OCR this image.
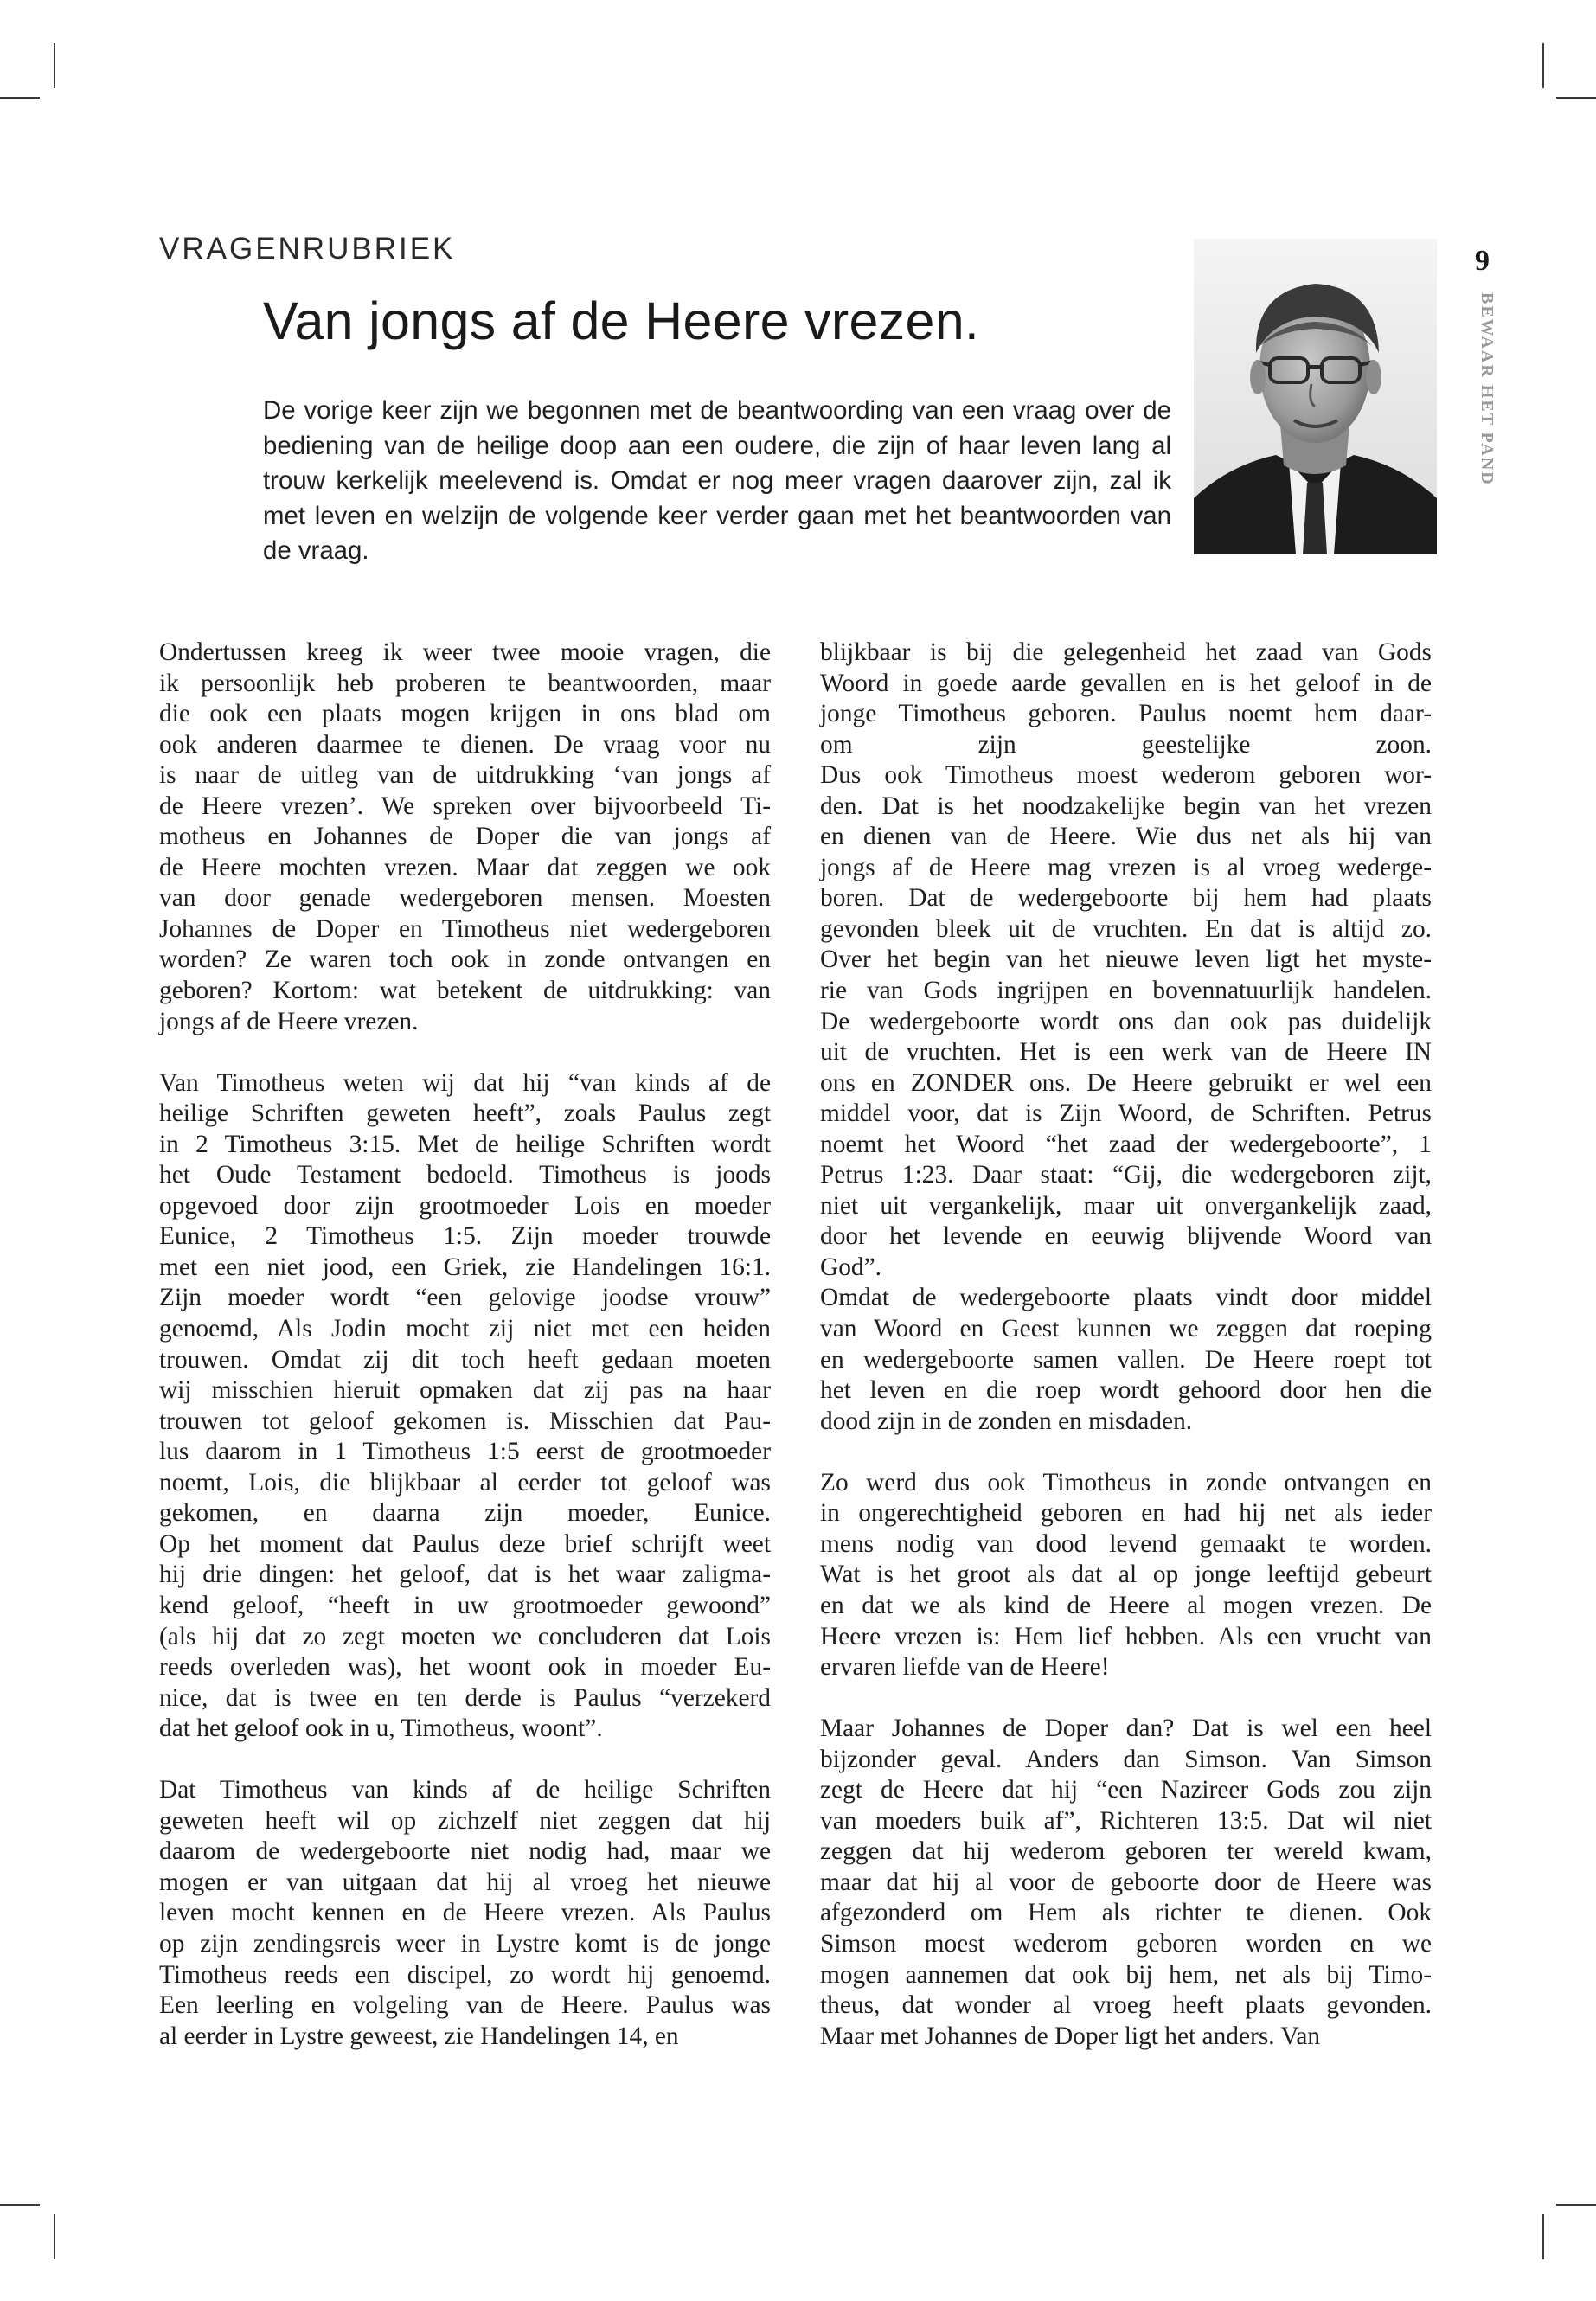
VRAGENRUBRIEK
Van jongs af de Heere vrezen.

De vorige keer zijn we begonnen met de beantwoording van een vraag over de bediening van de heilige doop aan een oudere, die zijn of haar leven lang al trouw kerkelijk meelevend is. Omdat er nog meer vragen daarover zijn, zal ik met leven en welzijn de volgende keer verder gaan met het beantwoorden van de vraag.

9
BEWAAR HET PAND
Ondertussen kreeg ik weer twee mooie vragen, die
ik persoonlijk heb proberen te beantwoorden, maar
die ook een plaats mogen krijgen in ons blad om
ook anderen daarmee te dienen. De vraag voor nu
is naar de uitleg van de uitdrukking ‘van jongs af
de Heere vrezen’. We spreken over bijvoorbeeld Ti-
motheus en Johannes de Doper die van jongs af
de Heere mochten vrezen. Maar dat zeggen we ook
van door genade wedergeboren mensen. Moesten
Johannes de Doper en Timotheus niet wedergeboren
worden? Ze waren toch ook in zonde ontvangen en
geboren? Kortom: wat betekent de uitdrukking: van
jongs af de Heere vrezen.
Van Timotheus weten wij dat hij “van kinds af de
heilige Schriften geweten heeft”, zoals Paulus zegt
in 2 Timotheus 3:15. Met de heilige Schriften wordt
het Oude Testament bedoeld. Timotheus is joods
opgevoed door zijn grootmoeder Lois en moeder
Eunice, 2 Timotheus 1:5. Zijn moeder trouwde
met een niet jood, een Griek, zie Handelingen 16:1.
Zijn moeder wordt “een gelovige joodse vrouw”
genoemd, Als Jodin mocht zij niet met een heiden
trouwen. Omdat zij dit toch heeft gedaan moeten
wij misschien hieruit opmaken dat zij pas na haar
trouwen tot geloof gekomen is. Misschien dat Pau-
lus daarom in 1 Timotheus 1:5 eerst de grootmoeder
noemt, Lois, die blijkbaar al eerder tot geloof was
gekomen, en daarna zijn moeder, Eunice.
Op het moment dat Paulus deze brief schrijft weet
hij drie dingen: het geloof, dat is het waar zaligma-
kend geloof, “heeft in uw grootmoeder gewoond”
(als hij dat zo zegt moeten we concluderen dat Lois
reeds overleden was), het woont ook in moeder Eu-
nice, dat is twee en ten derde is Paulus “verzekerd
dat het geloof ook in u, Timotheus, woont”.
Dat Timotheus van kinds af de heilige Schriften
geweten heeft wil op zichzelf niet zeggen dat hij
daarom de wedergeboorte niet nodig had, maar we
mogen er van uitgaan dat hij al vroeg het nieuwe
leven mocht kennen en de Heere vrezen. Als Paulus
op zijn zendingsreis weer in Lystre komt is de jonge
Timotheus reeds een discipel, zo wordt hij genoemd.
Een leerling en volgeling van de Heere. Paulus was
al eerder in Lystre geweest, zie Handelingen 14, en
blijkbaar is bij die gelegenheid het zaad van Gods
Woord in goede aarde gevallen en is het geloof in de
jonge Timotheus geboren. Paulus noemt hem daar-
om zijn geestelijke zoon.
Dus ook Timotheus moest wederom geboren wor-
den. Dat is het noodzakelijke begin van het vrezen
en dienen van de Heere. Wie dus net als hij van
jongs af de Heere mag vrezen is al vroeg wederge-
boren. Dat de wedergeboorte bij hem had plaats
gevonden bleek uit de vruchten. En dat is altijd zo.
Over het begin van het nieuwe leven ligt het myste-
rie van Gods ingrijpen en bovennatuurlijk handelen.
De wedergeboorte wordt ons dan ook pas duidelijk
uit de vruchten. Het is een werk van de Heere IN
ons en ZONDER ons. De Heere gebruikt er wel een
middel voor, dat is Zijn Woord, de Schriften. Petrus
noemt het Woord “het zaad der wedergeboorte”, 1
Petrus 1:23. Daar staat: “Gij, die wedergeboren zijt,
niet uit vergankelijk, maar uit onvergankelijk zaad,
door het levende en eeuwig blijvende Woord van
God”.
Omdat de wedergeboorte plaats vindt door middel
van Woord en Geest kunnen we zeggen dat roeping
en wedergeboorte samen vallen. De Heere roept tot
het leven en die roep wordt gehoord door hen die
dood zijn in de zonden en misdaden.
Zo werd dus ook Timotheus in zonde ontvangen en
in ongerechtigheid geboren en had hij net als ieder
mens nodig van dood levend gemaakt te worden.
Wat is het groot als dat al op jonge leeftijd gebeurt
en dat we als kind de Heere al mogen vrezen. De
Heere vrezen is: Hem lief hebben. Als een vrucht van
ervaren liefde van de Heere!
Maar Johannes de Doper dan? Dat is wel een heel
bijzonder geval. Anders dan Simson. Van Simson
zegt de Heere dat hij “een Nazireer Gods zou zijn
van moeders buik af”, Richteren 13:5. Dat wil niet
zeggen dat hij wederom geboren ter wereld kwam,
maar dat hij al voor de geboorte door de Heere was
afgezonderd om Hem als richter te dienen. Ook
Simson moest wederom geboren worden en we
mogen aannemen dat ook bij hem, net als bij Timo-
theus, dat wonder al vroeg heeft plaats gevonden.
Maar met Johannes de Doper ligt het anders. Van
